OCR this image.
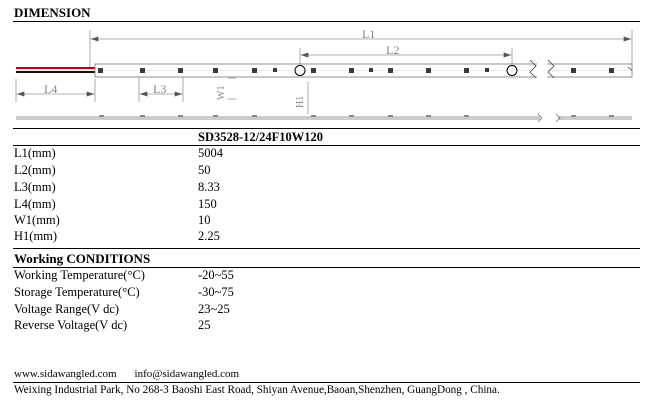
DIMENSION
L1
L2
L4	L3	W1
H1
SD3528-12/24F10W120
L1(mm)	5004
L2(mm)	50
L3(mm)	8.33
L4(mm)	150
W1(mm)	10
H1(mm)	2.25
Working CONDITIONS
Working Temperature(°C)	-20~55
Storage Temperature(°C)	-30~75
Voltage Range(V dc)	23~25
Reverse Voltage(V dc)	25
www.sidawangled.com info@sidawangled.com
Weixing Industrial Park, No 268-3 Baoshi East Road, Shiyan Avenue,Baoan,Shenzhen, GuangDong , China.
